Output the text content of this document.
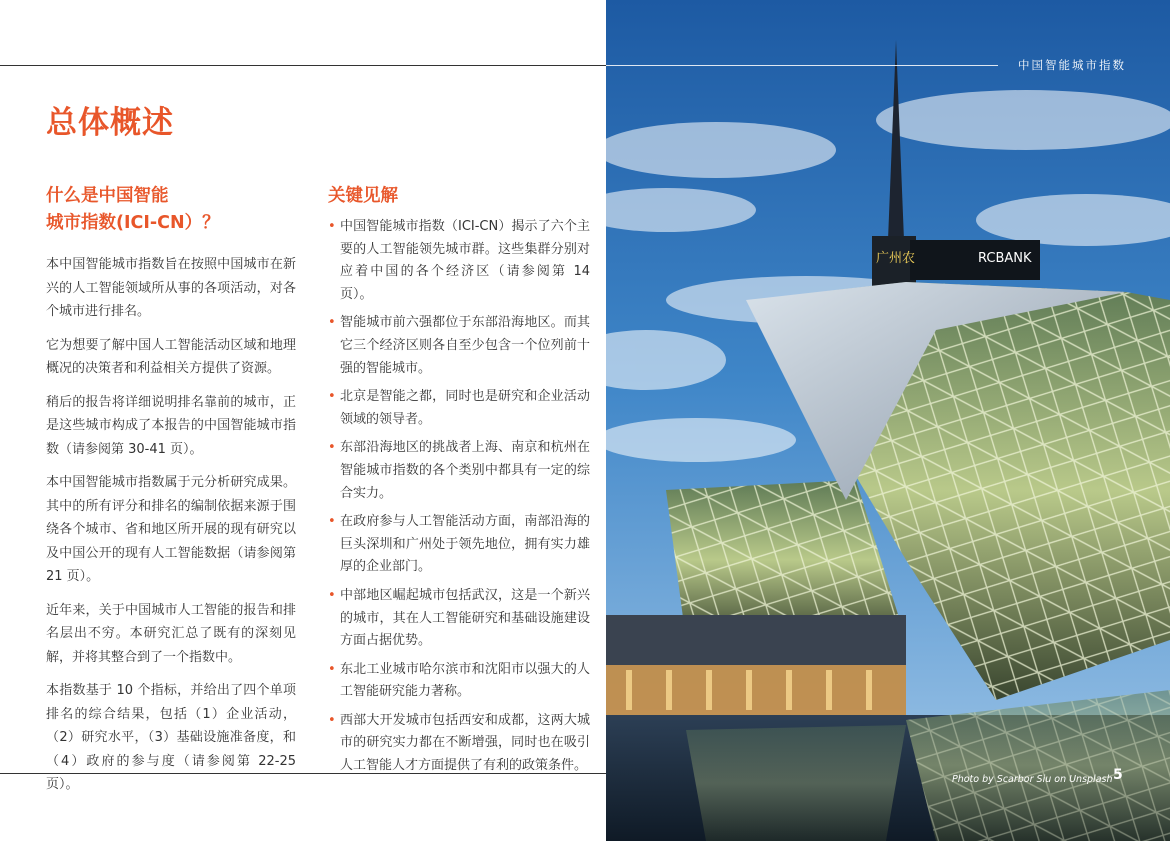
总体概述
什么是中国智能
城市指数(ICI-CN）？

本中国智能城市指数旨在按照中国城市在新兴的人工智能领域所从事的各项活动，对各个城市进行排名。

它为想要了解中国人工智能活动区域和地理概况的决策者和利益相关方提供了资源。

稍后的报告将详细说明排名靠前的城市，正是这些城市构成了本报告的中国智能城市指数（请参阅第 30-41 页）。

本中国智能城市指数属于元分析研究成果。其中的所有评分和排名的编制依据来源于围绕各个城市、省和地区所开展的现有研究以及中国公开的现有人工智能数据（请参阅第 21 页）。

近年来，关于中国城市人工智能的报告和排名层出不穷。本研究汇总了既有的深刻见解，并将其整合到了一个指数中。

本指数基于 10 个指标，并给出了四个单项排名的综合结果，包括（1）企业活动，（2）研究水平，（3）基础设施准备度，和（4）政府的参与度（请参阅第 22-25 页）。

关键见解
• 中国智能城市指数（ICI-CN）揭示了六个主要的人工智能领先城市群。这些集群分别对应着中国的各个经济区（请参阅第 14 页）。
• 智能城市前六强都位于东部沿海地区。而其它三个经济区则各自至少包含一个位列前十强的智能城市。
• 北京是智能之都，同时也是研究和企业活动领域的领导者。
• 东部沿海地区的挑战者上海、南京和杭州在智能城市指数的各个类别中都具有一定的综合实力。
• 在政府参与人工智能活动方面，南部沿海的巨头深圳和广州处于领先地位，拥有实力雄厚的企业部门。
• 中部地区崛起城市包括武汉，这是一个新兴的城市，其在人工智能研究和基础设施建设方面占据优势。
• 东北工业城市哈尔滨市和沈阳市以强大的人工智能研究能力著称。
• 西部大开发城市包括西安和成都，这两大城市的研究实力都在不断增强，同时也在吸引人工智能人才方面提供了有利的政策条件。
广州农	RCBANK
中国智能城市指数
Photo by Scarbor Siu on Unsplash 5
